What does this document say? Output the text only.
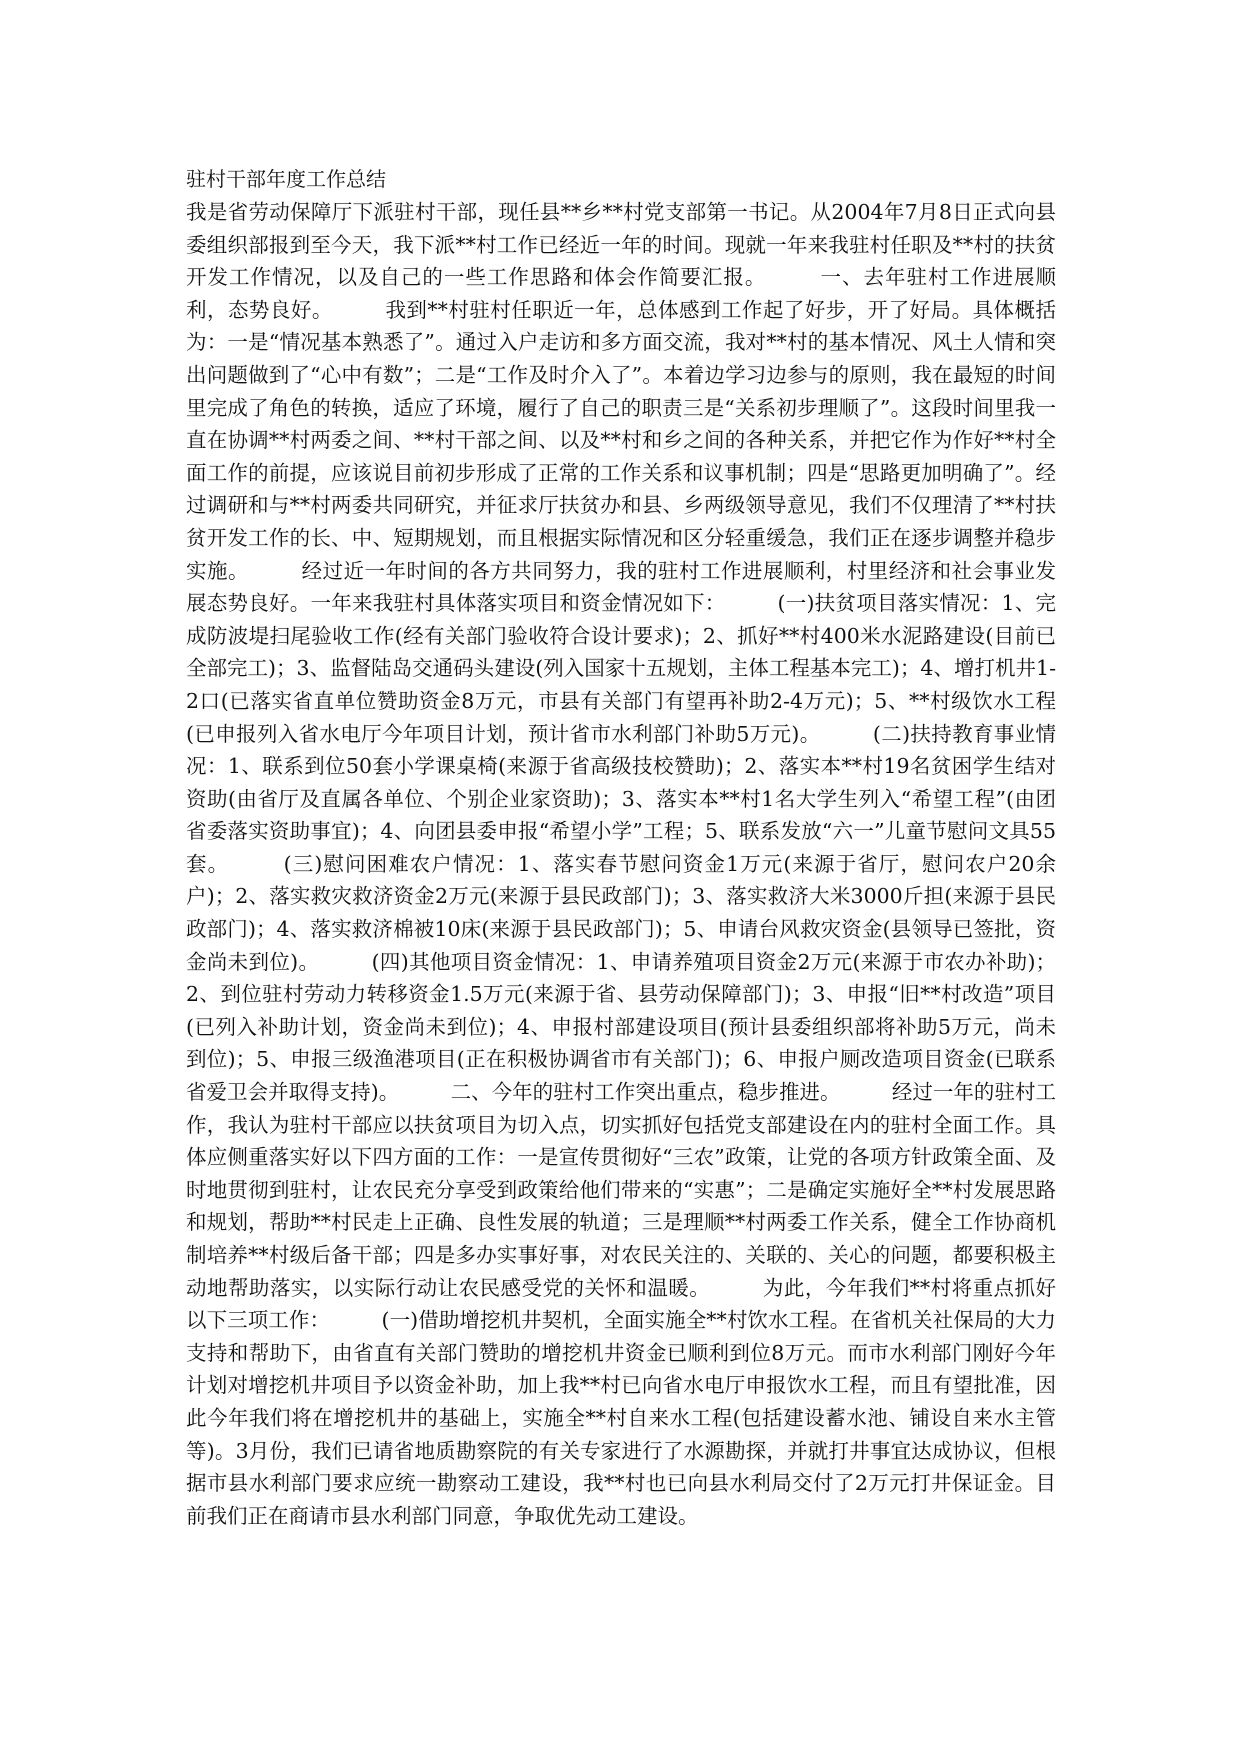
驻村干部年度工作总结

我是省劳动保障厅下派驻村干部，现任县**乡**村党支部第一书记。从2004年7月8日正式向县委组织部报到至今天，我下派**村工作已经近一年的时间。现就一年来我驻村任职及**村的扶贫开发工作情况，以及自己的一些工作思路和体会作简要汇报。　　　一、去年驻村工作进展顺利，态势良好。　　　我到**村驻村任职近一年，总体感到工作起了好步，开了好局。具体概括为：一是“情况基本熟悉了”。通过入户走访和多方面交流，我对**村的基本情况、风土人情和突出问题做到了“心中有数”；二是“工作及时介入了”。本着边学习边参与的原则，我在最短的时间里完成了角色的转换，适应了环境，履行了自己的职责三是“关系初步理顺了”。这段时间里我一直在协调**村两委之间、**村干部之间、以及**村和乡之间的各种关系，并把它作为作好**村全面工作的前提，应该说目前初步形成了正常的工作关系和议事机制；四是“思路更加明确了”。经过调研和与**村两委共同研究，并征求厅扶贫办和县、乡两级领导意见，我们不仅理清了**村扶贫开发工作的长、中、短期规划，而且根据实际情况和区分轻重缓急，我们正在逐步调整并稳步实施。　　　经过近一年时间的各方共同努力，我的驻村工作进展顺利，村里经济和社会事业发展态势良好。一年来我驻村具体落实项目和资金情况如下：　　　(一)扶贫项目落实情况：1、完成防波堤扫尾验收工作(经有关部门验收符合设计要求)；2、抓好**村400米水泥路建设(目前已全部完工)；3、监督陆岛交通码头建设(列入国家十五规划，主体工程基本完工)；4、增打机井1-2口(已落实省直单位赞助资金8万元，市县有关部门有望再补助2-4万元)；5、**村级饮水工程(已申报列入省水电厅今年项目计划，预计省市水利部门补助5万元)。　　　(二)扶持教育事业情况：1、联系到位50套小学课桌椅(来源于省高级技校赞助)；2、落实本**村19名贫困学生结对资助(由省厅及直属各单位、个别企业家资助)；3、落实本**村1名大学生列入“希望工程”(由团省委落实资助事宜)；4、向团县委申报“希望小学”工程；5、联系发放“六一”儿童节慰问文具55套。　　　(三)慰问困难农户情况：1、落实春节慰问资金1万元(来源于省厅，慰问农户20余户)；2、落实救灾救济资金2万元(来源于县民政部门)；3、落实救济大米3000斤担(来源于县民政部门)；4、落实救济棉被10床(来源于县民政部门)；5、申请台风救灾资金(县领导已签批，资金尚未到位)。　　　(四)其他项目资金情况：1、申请养殖项目资金2万元(来源于市农办补助)；2、到位驻村劳动力转移资金1.5万元(来源于省、县劳动保障部门)；3、申报“旧**村改造”项目(已列入补助计划，资金尚未到位)；4、申报村部建设项目(预计县委组织部将补助5万元，尚未到位)；5、申报三级渔港项目(正在积极协调省市有关部门)；6、申报户厕改造项目资金(已联系省爱卫会并取得支持)。　　　二、今年的驻村工作突出重点，稳步推进。　　　经过一年的驻村工作，我认为驻村干部应以扶贫项目为切入点，切实抓好包括党支部建设在内的驻村全面工作。具体应侧重落实好以下四方面的工作：一是宣传贯彻好“三农”政策，让党的各项方针政策全面、及时地贯彻到驻村，让农民充分享受到政策给他们带来的“实惠”；二是确定实施好全**村发展思路和规划，帮助**村民走上正确、良性发展的轨道；三是理顺**村两委工作关系，健全工作协商机制培养**村级后备干部；四是多办实事好事，对农民关注的、关联的、关心的问题，都要积极主动地帮助落实，以实际行动让农民感受党的关怀和温暖。　　　为此，今年我们**村将重点抓好以下三项工作：　　　(一)借助增挖机井契机，全面实施全**村饮水工程。在省机关社保局的大力支持和帮助下，由省直有关部门赞助的增挖机井资金已顺利到位8万元。而市水利部门刚好今年计划对增挖机井项目予以资金补助，加上我**村已向省水电厅申报饮水工程，而且有望批准，因此今年我们将在增挖机井的基础上，实施全**村自来水工程(包括建设蓄水池、铺设自来水主管等)。3月份，我们已请省地质勘察院的有关专家进行了水源勘探，并就打井事宜达成协议，但根据市县水利部门要求应统一勘察动工建设，我**村也已向县水利局交付了2万元打井保证金。目前我们正在商请市县水利部门同意，争取优先动工建设。
